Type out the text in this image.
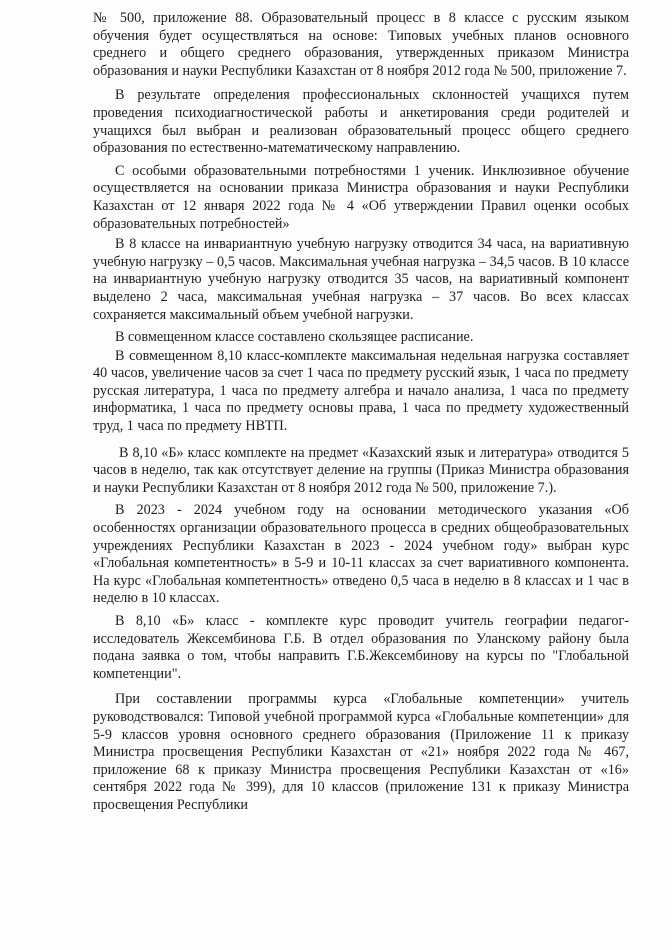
№ 500, приложение 88. Образовательный процесс в 8 классе с русским языком обучения будет осуществляться на основе: Типовых учебных планов основного среднего и общего среднего образования, утвержденных приказом Министра образования и науки Республики Казахстан от 8 ноября 2012 года № 500, приложение 7.

В результате определения профессиональных склонностей учащихся путем проведения психодиагностической работы и анкетирования среди родителей и учащихся был выбран и реализован образовательный процесс общего среднего образования по естественно-математическому направлению.

С особыми образовательными потребностями 1 ученик. Инклюзивное обучение осуществляется на основании приказа Министра образования и науки Республики Казахстан от 12 января 2022 года № 4 «Об утверждении Правил оценки особых образовательных потребностей»

В 8 классе на инвариантную учебную нагрузку отводится 34 часа, на вариативную учебную нагрузку – 0,5 часов. Максимальная учебная нагрузка – 34,5 часов. В 10 классе на инвариантную учебную нагрузку отводится 35 часов, на вариативный компонент выделено 2 часа, максимальная учебная нагрузка – 37 часов. Во всех классах сохраняется максимальный объем учебной нагрузки.

В совмещенном классе составлено скользящее расписание.

В совмещенном 8,10 класс-комплекте максимальная недельная нагрузка составляет 40 часов, увеличение часов за счет 1 часа по предмету русский язык, 1 часа по предмету русская литература, 1 часа по предмету алгебра и начало анализа, 1 часа по предмету информатика, 1 часа по предмету основы права, 1 часа по предмету художественный труд, 1 часа по предмету НВТП.

В 8,10 «Б» класс комплекте на предмет «Казахский язык и литература» отводится 5 часов в неделю, так как отсутствует деление на группы (Приказ Министра образования и науки Республики Казахстан от 8 ноября 2012 года № 500, приложение 7.).

В 2023 - 2024 учебном году на основании методического указания «Об особенностях организации образовательного процесса в средних общеобразовательных учреждениях Республики Казахстан в 2023 - 2024 учебном году» выбран курс «Глобальная компетентность» в 5-9 и 10-11 классах за счет вариативного компонента. На курс «Глобальная компетентность» отведено 0,5 часа в неделю в 8 классах и 1 час в неделю в 10 классах.

В 8,10 «Б» класс - комплекте курс проводит учитель географии педагог-исследователь Жексембинова Г.Б. В отдел образования по Уланскому району была подана заявка о том, чтобы направить Г.Б.Жексембинову на курсы по "Глобальной компетенции".

При составлении программы курса «Глобальные компетенции» учитель руководствовался: Типовой учебной программой курса «Глобальные компетенции» для 5-9 классов уровня основного среднего образования (Приложение 11 к приказу Министра просвещения Республики Казахстан от «21» ноября 2022 года № 467, приложение 68 к приказу Министра просвещения Республики Казахстан от «16» сентября 2022 года № 399), для 10 классов (приложение 131 к приказу Министра просвещения Республики
